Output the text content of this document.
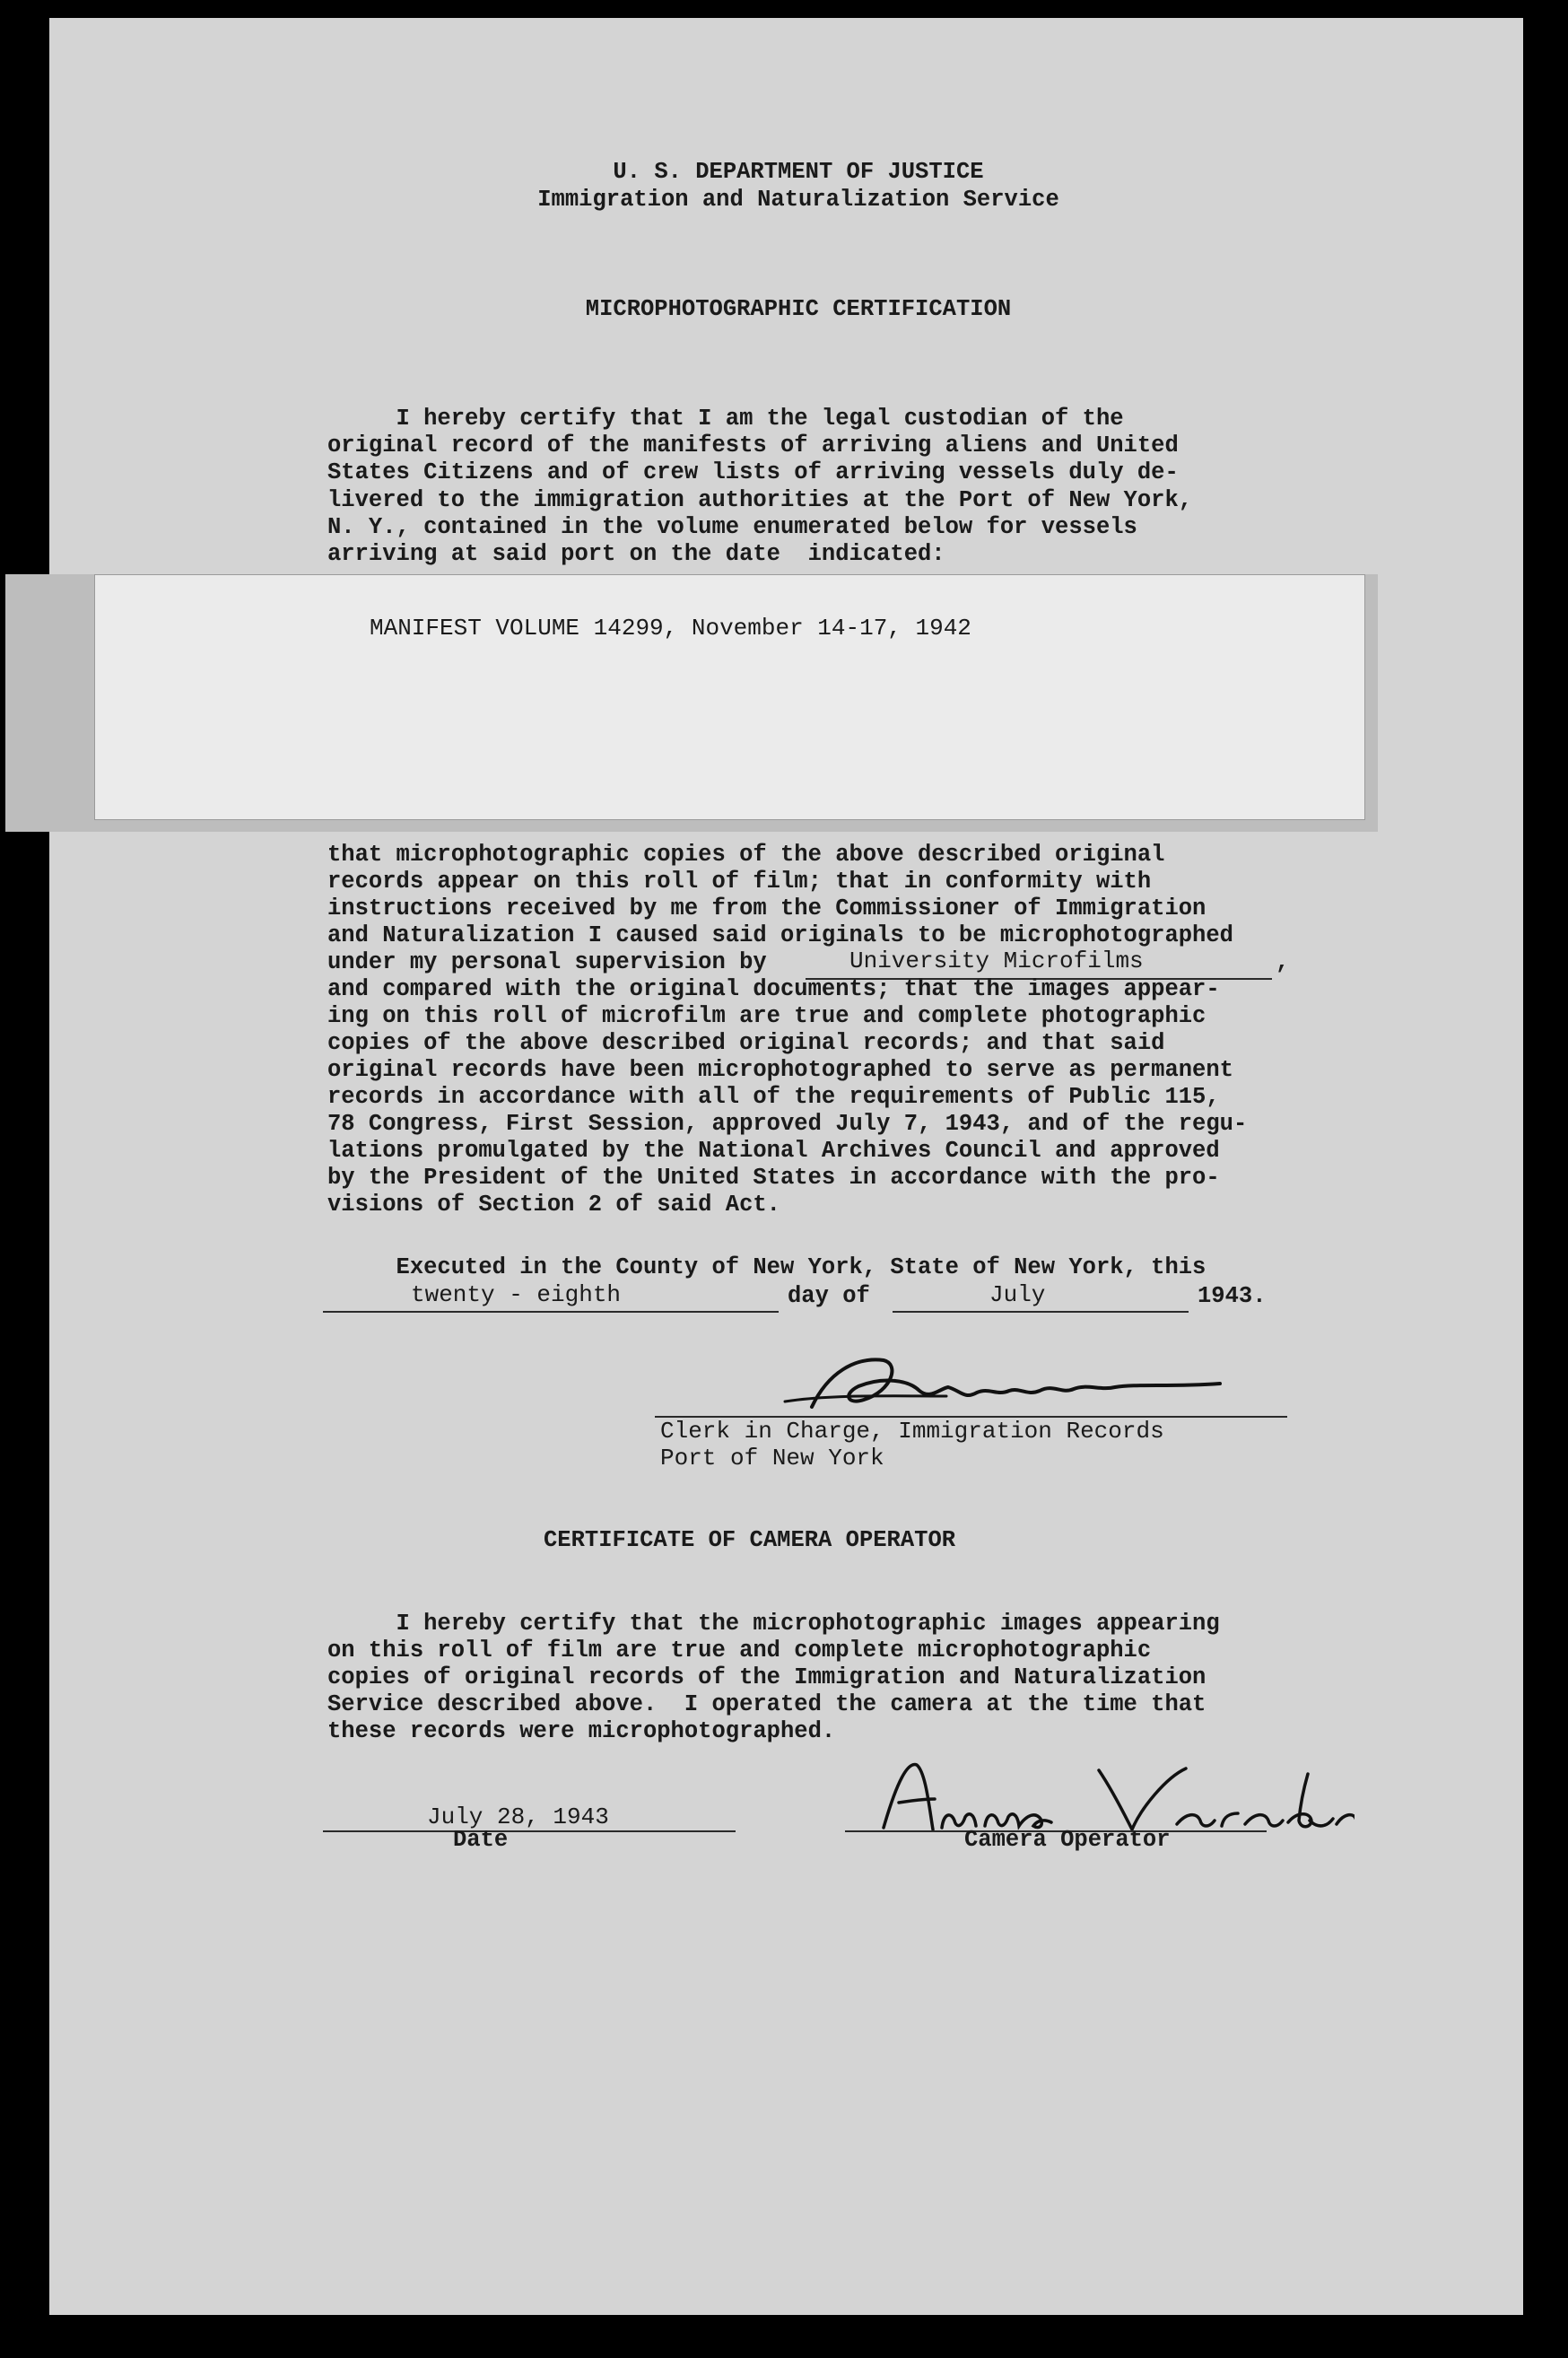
U. S. DEPARTMENT OF JUSTICE
Immigration and Naturalization Service
MICROPHOTOGRAPHIC CERTIFICATION
I hereby certify that I am the legal custodian of the
original record of the manifests of arriving aliens and United
States Citizens and of crew lists of arriving vessels duly de-
livered to the immigration authorities at the Port of New York,
N. Y., contained in the volume enumerated below for vessels
arriving at said port on the date  indicated:
MANIFEST VOLUME 14299, November 14-17, 1942
that microphotographic copies of the above described original
records appear on this roll of film; that in conformity with
instructions received by me from the Commissioner of Immigration
and Naturalization I caused said originals to be microphotographed
under my personal supervision by	University Microfilms	,
and compared with the original documents; that the images appear-
ing on this roll of microfilm are true and complete photographic
copies of the above described original records; and that said
original records have been microphotographed to serve as permanent
records in accordance with all of the requirements of Public 115,
78 Congress, First Session, approved July 7, 1943, and of the regu-
lations promulgated by the National Archives Council and approved
by the President of the United States in accordance with the pro-
visions of Section 2 of said Act.
Executed in the County of New York, State of New York, this
twenty - eighth	day of	July	1943.
Clerk in Charge, Immigration Records
Port of New York
CERTIFICATE OF CAMERA OPERATOR
I hereby certify that the microphotographic images appearing
on this roll of film are true and complete microphotographic
copies of original records of the Immigration and Naturalization
Service described above.  I operated the camera at the time that
these records were microphotographed.
July 28, 1943
Date	Camera Operator
